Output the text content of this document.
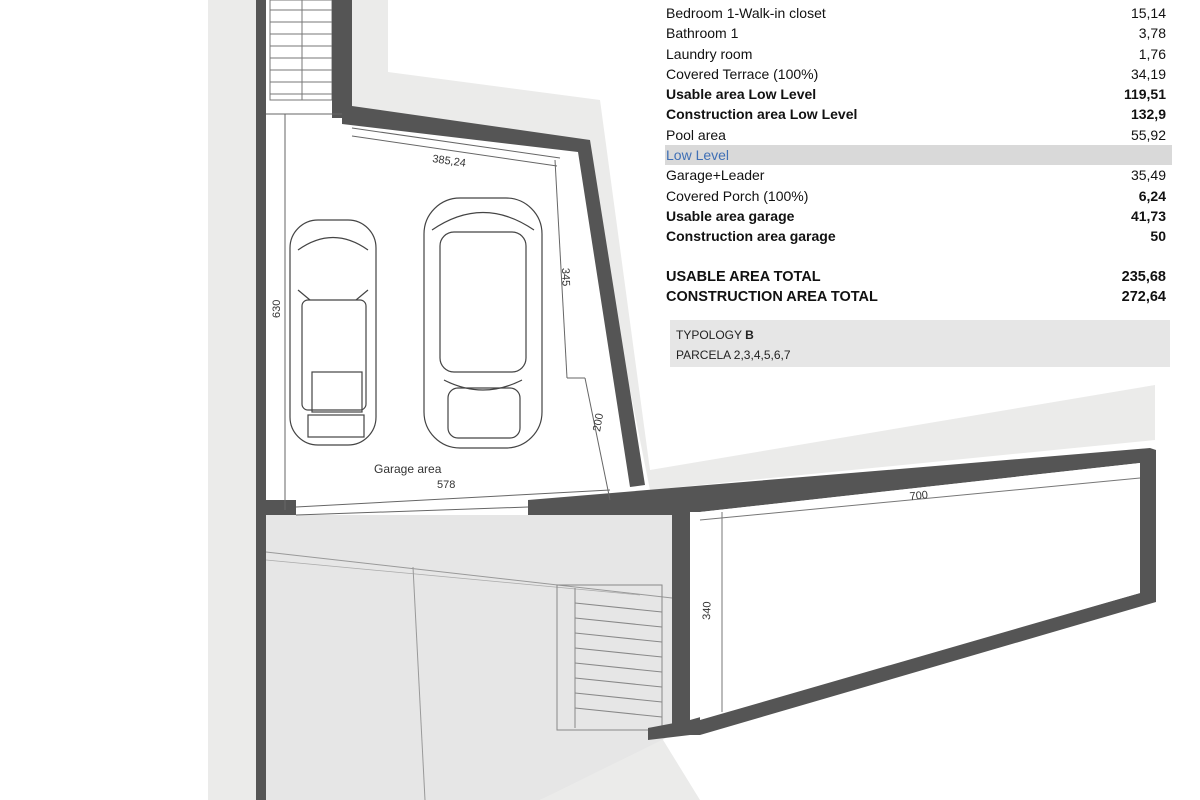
385,24
630
345
200
578
700
340
Garage area
Bedroom 1-Walk-in closet	15,14
Bathroom 1	3,78
Laundry room	1,76
Covered Terrace (100%)	34,19
Usable area Low Level	119,51
Construction area Low Level	132,9
Pool area	55,92
Low Level
Garage+Leader	35,49
Covered Porch (100%)	6,24
Usable area garage	41,73
Construction area garage	50
USABLE AREA TOTAL	235,68
CONSTRUCTION AREA TOTAL	272,64
TYPOLOGY B
PARCELA 2,3,4,5,6,7
